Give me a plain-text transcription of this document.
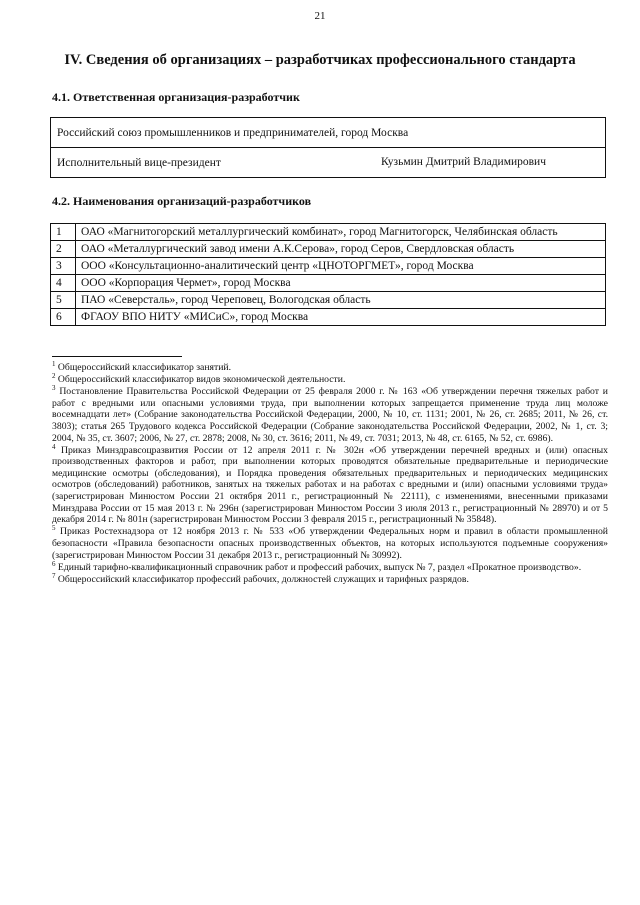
21
IV. Сведения об организациях – разработчиках профессионального стандарта
4.1. Ответственная организация-разработчик
Российский союз промышленников и предпринимателей, город Москва
Исполнительный вице-президент	Кузьмин Дмитрий Владимирович
4.2. Наименования организаций-разработчиков
1	ОАО «Магнитогорский металлургический комбинат», город Магнитогорск, Челябинская область
2	ОАО «Металлургический завод имени А.К.Серова», город Серов, Свердловская область
3	ООО «Консультационно-аналитический центр «ЦНОТОРГМЕТ», город Москва
4	ООО «Корпорация Чермет», город Москва
5	ПАО «Северсталь», город Череповец, Вологодская область
6	ФГАОУ ВПО НИТУ «МИСиС», город Москва

$^1$ Общероссийский классификатор занятий.

$^2$ Общероссийский классификатор видов экономической деятельности.

$^3$ Постановление Правительства Российской Федерации от 25 февраля 2000 г. № 163 «Об утверждении перечня тяжелых работ и работ с вредными или опасными условиями труда, при выполнении которых запрещается применение труда лиц моложе восемнадцати лет» (Собрание законодательства Российской Федерации, 2000, № 10, ст. 1131; 2001, № 26, ст. 2685; 2011, № 26, ст. 3803); статья 265 Трудового кодекса Российской Федерации (Собрание законодательства Российской Федерации, 2002, № 1, ст. 3; 2004, № 35, ст. 3607; 2006, № 27, ст. 2878; 2008, № 30, ст. 3616; 2011, № 49, ст. 7031; 2013, № 48, ст. 6165, № 52, ст. 6986).

$^4$ Приказ Минздравсоцразвития России от 12 апреля 2011 г. № 302н «Об утверждении перечней вредных и (или) опасных производственных факторов и работ, при выполнении которых проводятся обязательные предварительные и периодические медицинские осмотры (обследования), и Порядка проведения обязательных предварительных и периодических медицинских осмотров (обследований) работников, занятых на тяжелых работах и на работах с вредными и (или) опасными условиями труда» (зарегистрирован Минюстом России 21 октября 2011 г., регистрационный № 22111), с изменениями, внесенными приказами Минздрава России от 15 мая 2013 г. № 296н (зарегистрирован Минюстом России 3 июля 2013 г., регистрационный № 28970) и от 5 декабря 2014 г. № 801н (зарегистрирован Минюстом России 3 февраля 2015 г., регистрационный № 35848).

$^5$ Приказ Ростехнадзора от 12 ноября 2013 г. № 533 «Об утверждении Федеральных норм и правил в области промышленной безопасности «Правила безопасности опасных производственных объектов, на которых используются подъемные сооружения» (зарегистрирован Минюстом России 31 декабря 2013 г., регистрационный № 30992).

$^6$ Единый тарифно-квалификационный справочник работ и профессий рабочих, выпуск № 7, раздел «Прокатное производство».

$^7$ Общероссийский классификатор профессий рабочих, должностей служащих и тарифных разрядов.
